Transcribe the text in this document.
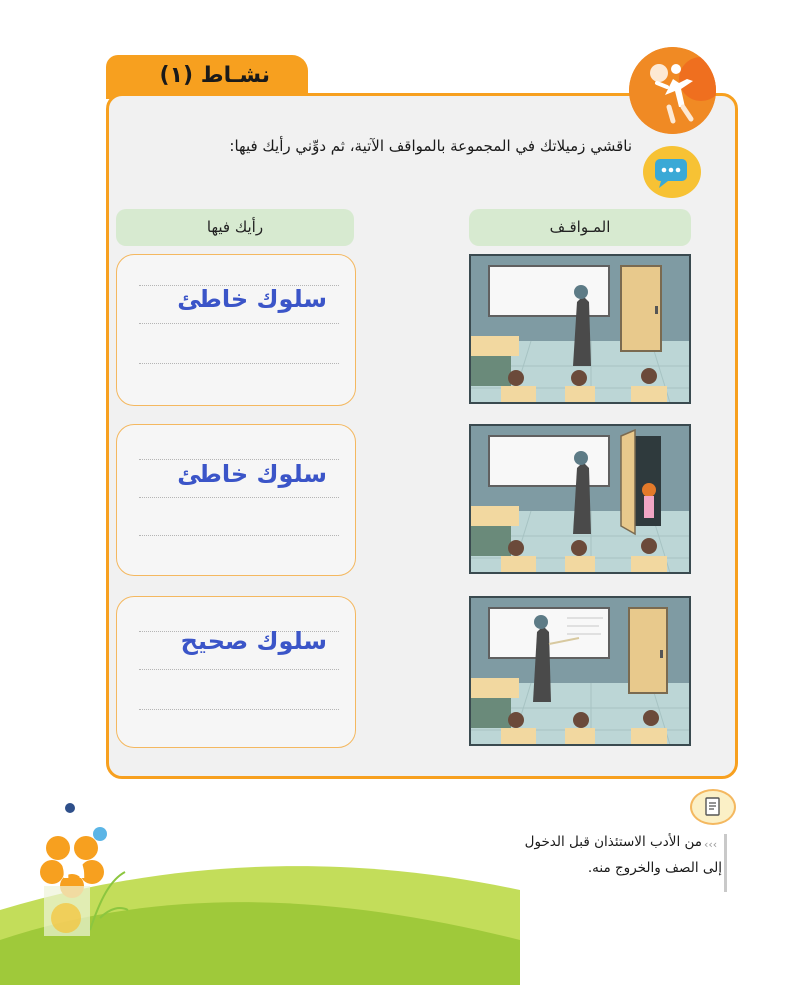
نشـاط (١)
ناقشي زميلاتك في المجموعة بالمواقف الآتية، ثم دوِّني رأيك فيها:
المـواقـف
رأيك فيها
سلوك خاطئ
سلوك خاطئ
سلوك صحيح
‹‹‹
من الأدب الاستئذان قبل الدخول
إلى الصف والخروج منه.
١١
